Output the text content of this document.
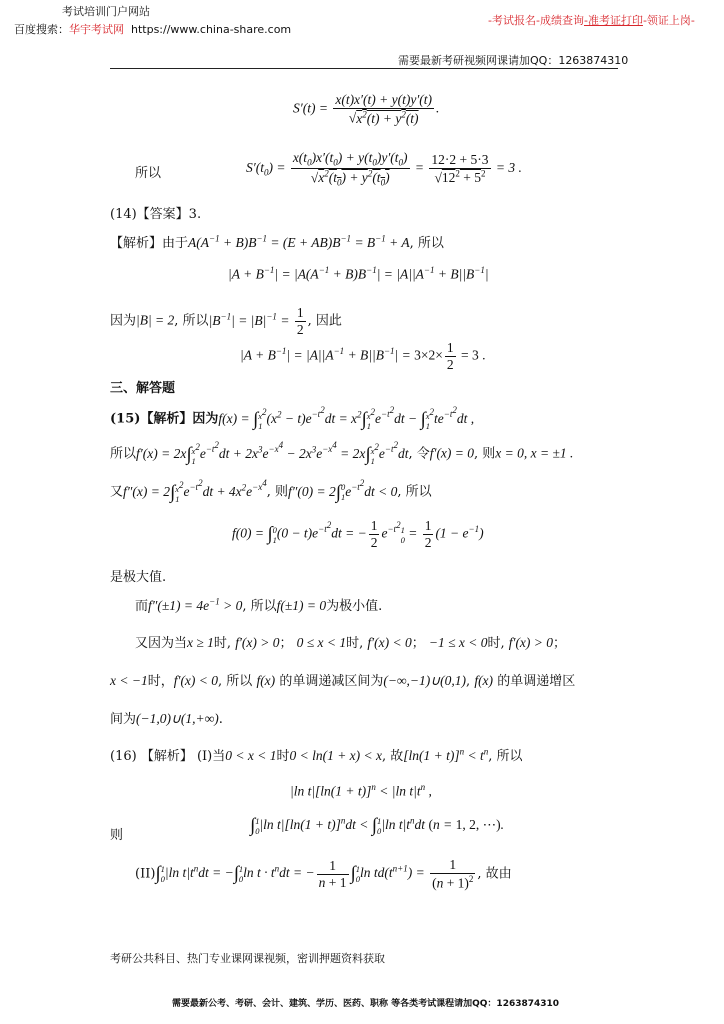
考试培训门户网站
百度搜索：华宇考试网 https://www.china-share.com
-考试报名-成绩查询-准考证打印-领证上岗-
需要最新考研视频网课请加QQ：1263874310
$S'(t) = \frac{x(t)x'(t) + y(t)y'(t)}{√x^2(t) + y^2(t)}$ .
所以	$S'(t_0) = \frac{x(t_0)x'(t_0) + y(t_0)y'(t_0)}{√x^2(t_0) + y^2(t_0)} = \frac{12\cdot 2 + 5\cdot 3}{√12^2 + 5^2} = 3$ .
(14)【答案】3.
【解析】由于$A(A^{-1} + B)B^{-1} = (E + AB)B^{-1} = B^{-1} + A$, 所以
$|A + B^{-1}| = |A(A^{-1} + B)B^{-1}| = |A||A^{-1} + B||B^{-1}|$
因为|B| = 2, 所以$|B^{-1}| = |B|^{-1} = \frac{1}{2}$ , 因此
$|A + B^{-1}| = |A||A^{-1} + B||B^{-1}| = 3\times 2\times \frac{1}{2} = 3$ .
三、解答题
(15)【解析】因为$f(x) = \int x^2$
$1(x^2 - t)e^{-t^2}dt = x^2\int x^2$
$1e^{-t^2}dt - \int x^2$
$1te^{-t^2}dt$ ,
所以$f'(x) = 2x\int x^2$
$1e^{-t^2}dt + 2x^3e^{-x^4} - 2x^3e^{-x^4} = 2x\int x^2$
$1e^{-t^2}dt$, 令f′(x) = 0, 则x = 0, x = ±1 .
又$f''(x) = 2\int x^2$
$1e^{-t^2}dt + 4x^2e^{-x^4}$, 则f″(0) = 2∫0
$1e^{-t^2}dt < 0$, 所以
f(0) = ∫0
$1(0 - t)e^{-t^2}dt$ = − $\frac{1}{2} e^{-t^2}1$
$0 = \frac{1}{2} (1 - e^{-1})$
是极大值.
而$f''(\pm 1) = 4e^{-1} > 0$, 所以f(±1) = 0为极小值.
又因为当x ≥ 1时, f′(x) > 0； 0 ≤ x < 1时, f′(x) < 0； −1 ≤ x < 0时, f′(x) > 0；
x < −1时，f′(x) < 0, 所以 f(x) 的单调递减区间为(−∞,−1)∪(0,1), f(x) 的单调递增区
间为(−1,0)∪(1,+∞).
(16) 【解析】 (I)当0 < x < 1时0 < ln(1 + x) < x, 故$[\ln(1 + t)]^n < t^n$, 所以
|ln $t|[\ln(1 + t)]^n < |\ln$ $t|t^n$ ,
则	∫1
0|ln $t|[\ln(1 + t)]^ndt < \int 1$
0|ln $t|t^ndt$ (n = 1, 2, ⋯).
(II)∫1
0|ln $t|t^ndt = -\int 1$
0ln $t \cdot t^ndt$ = − $\frac{1}{n + 1} \int 1$
0ln $td(t^{n+1}) = \frac{1}{(n + 1)^2}$ , 故由
考研公共科目、热门专业课网课视频，密训押题资料获取
需要最新公考、考研、会计、建筑、学历、医药、职称 等各类考试课程请加QQ：1263874310
